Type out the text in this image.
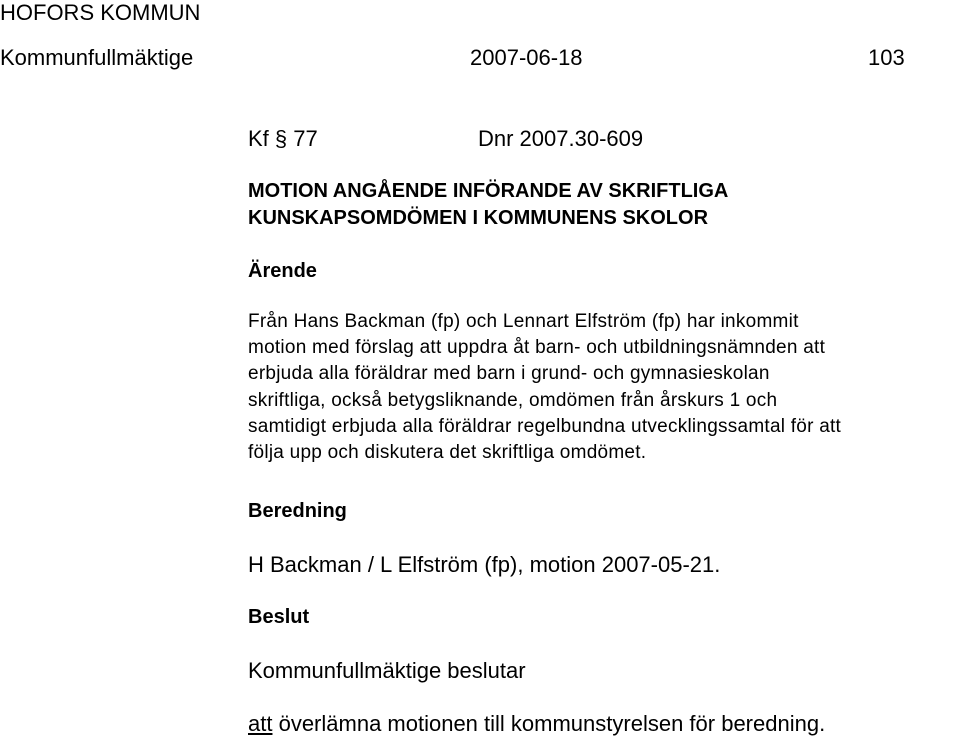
HOFORS KOMMUN
Kommunfullmäktige	2007-06-18	103
Kf § 77	Dnr 2007.30-609
MOTION ANGÅENDE INFÖRANDE AV SKRIFTLIGA
KUNSKAPSOMDÖMEN I KOMMUNENS SKOLOR
Ärende

Från Hans Backman (fp) och Lennart Elfström (fp) har inkommit
motion med förslag att uppdra åt barn- och utbildningsnämnden att
erbjuda alla föräldrar med barn i grund- och gymnasieskolan
skriftliga, också betygsliknande, omdömen från årskurs 1 och
samtidigt erbjuda alla föräldrar regelbundna utvecklingssamtal för att
följa upp och diskutera det skriftliga omdömet.

Beredning
H Backman / L Elfström (fp), motion 2007-05-21.
Beslut
Kommunfullmäktige beslutar
att överlämna motionen till kommunstyrelsen för beredning.
